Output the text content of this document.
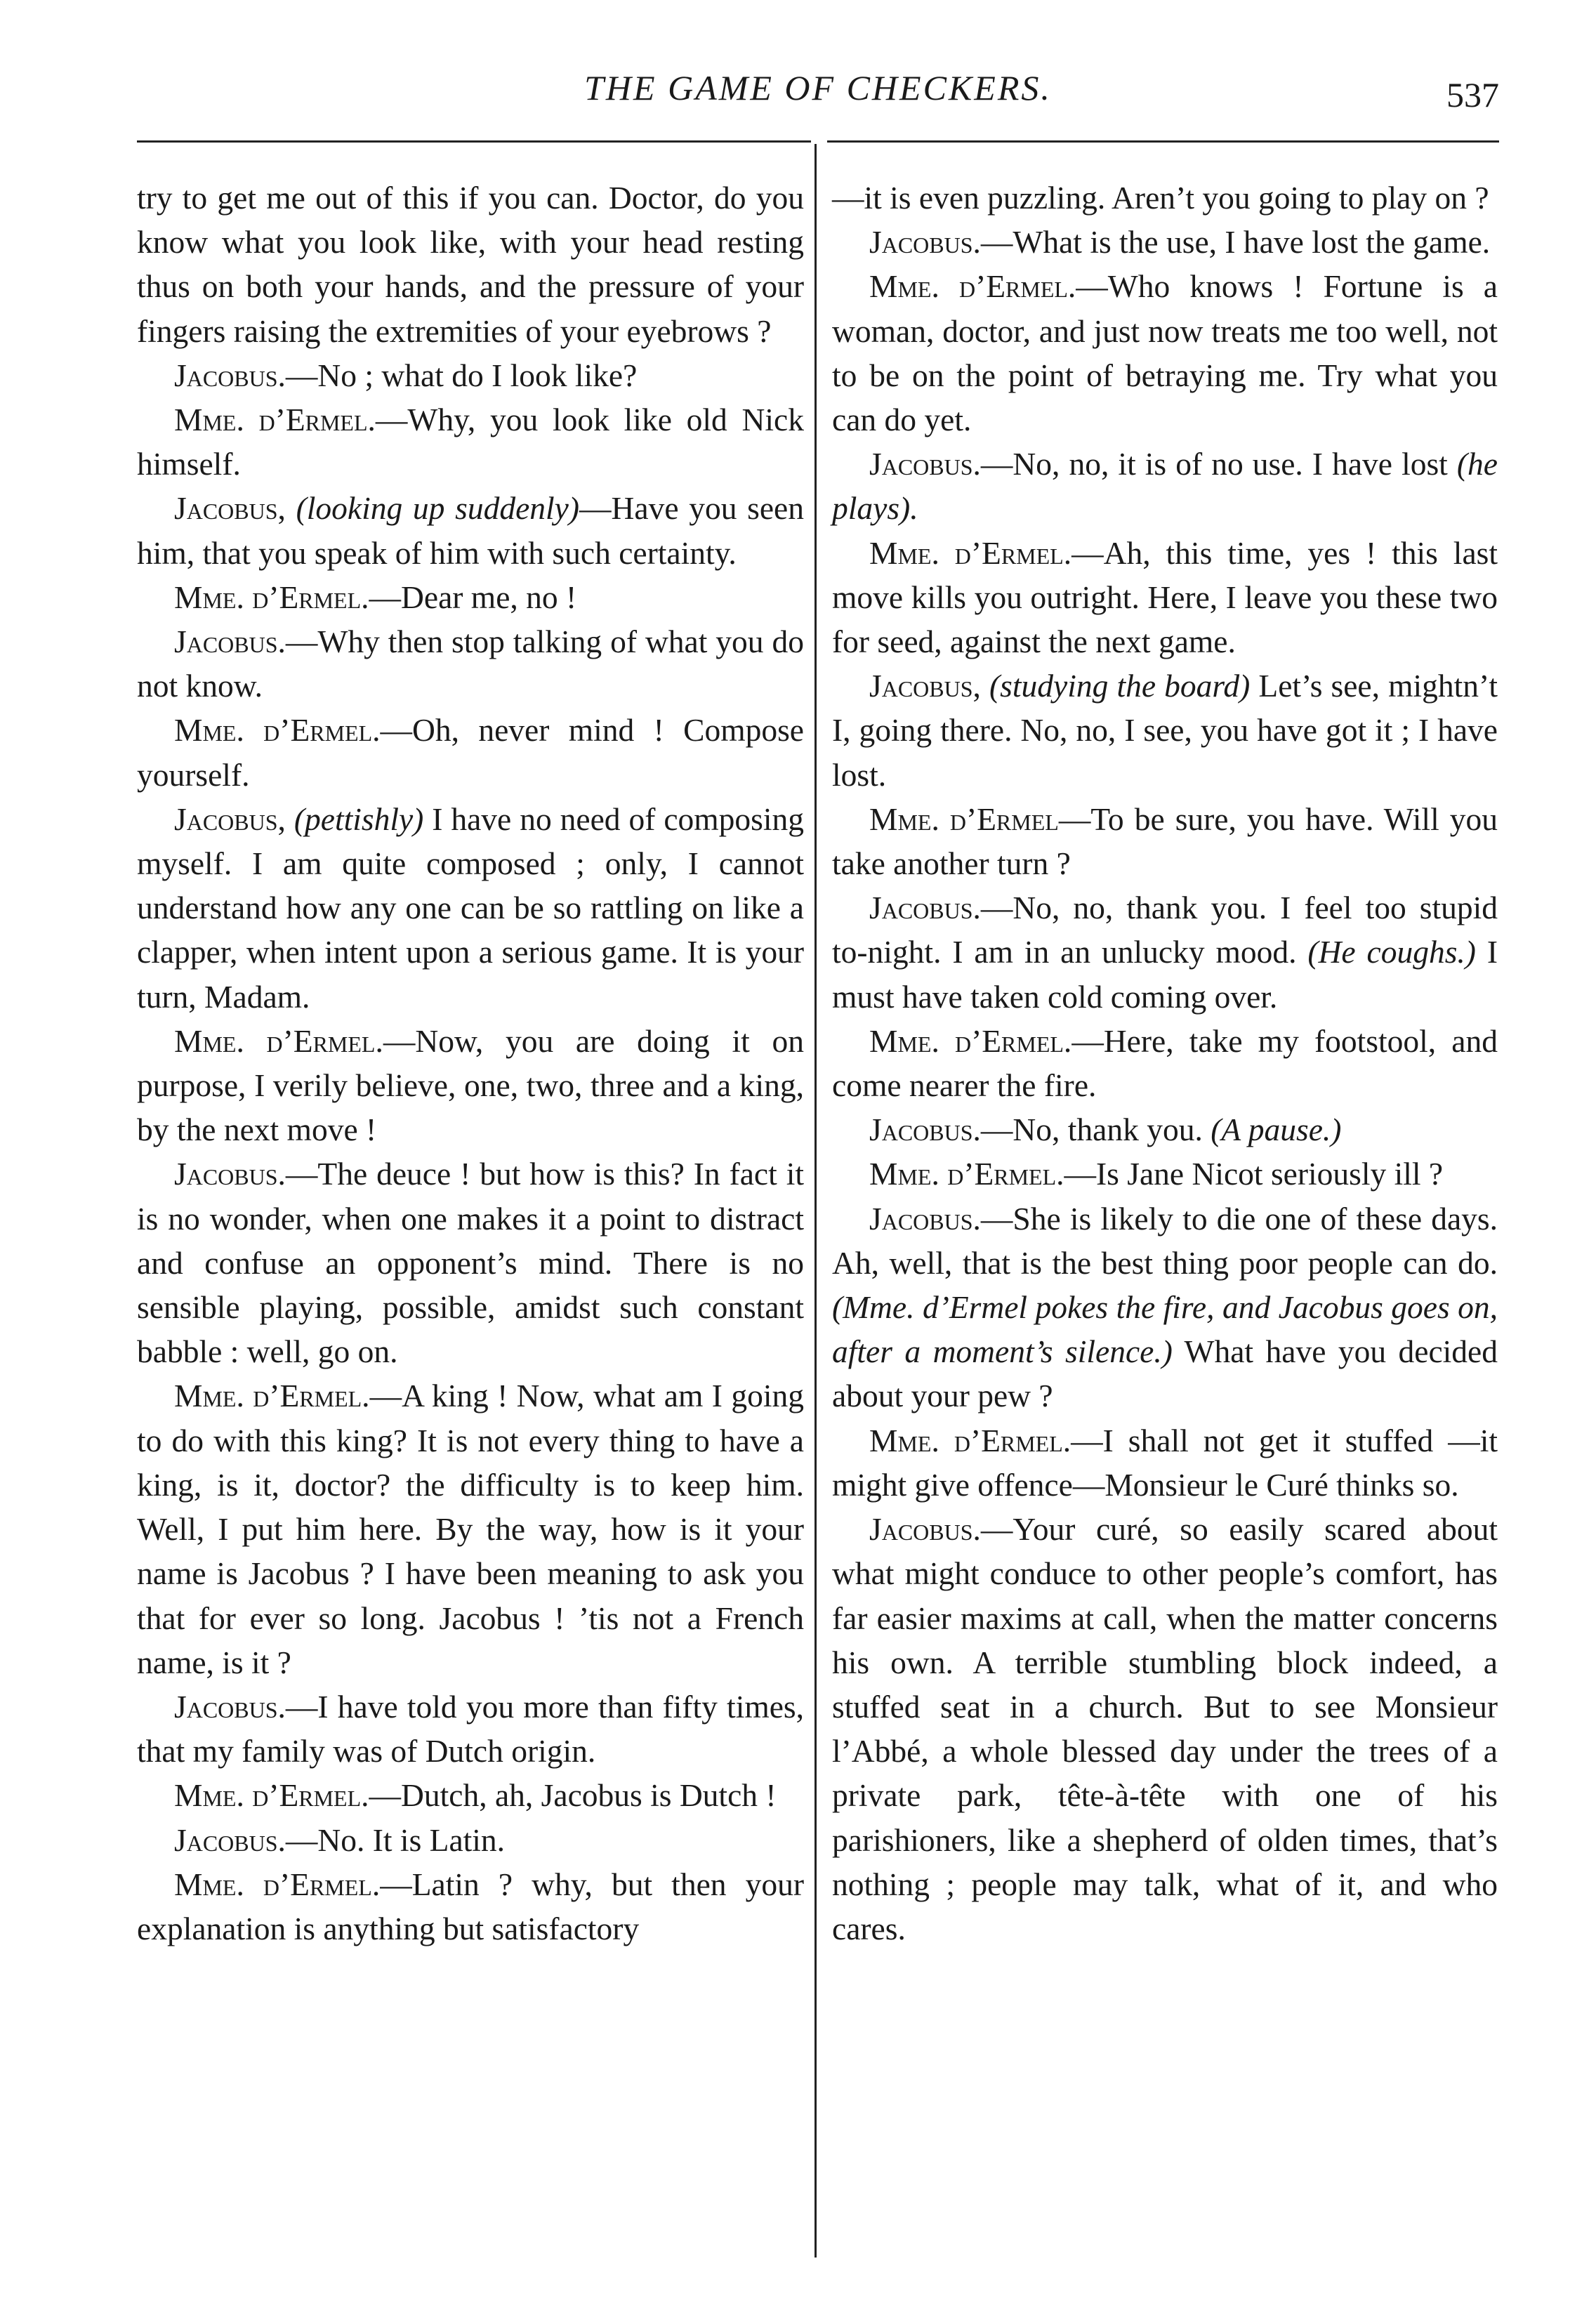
THE GAME OF CHECKERS.	537

try to get me out of this if you can. Doctor, do you know what you look like, with your head resting thus on both your hands, and the pressure of your fingers raising the extremities of your eyebrows ?

Jacobus.—No ; what do I look like?

Mme. d’Ermel.—Why, you look like old Nick himself.

Jacobus, (looking up suddenly)—Have you seen him, that you speak of him with such certainty.

Mme. d’Ermel.—Dear me, no !

Jacobus.—Why then stop talking of what you do not know.

Mme. d’Ermel.—Oh, never mind ! Compose yourself.

Jacobus, (pettishly) I have no need of composing myself. I am quite composed ; only, I cannot understand how any one can be so rattling on like a clapper, when intent upon a serious game. It is your turn, Madam.

Mme. d’Ermel.—Now, you are doing it on purpose, I verily believe, one, two, three and a king, by the next move !

Jacobus.—The deuce ! but how is this? In fact it is no wonder, when one makes it a point to distract and confuse an opponent’s mind. There is no sensible playing, possible, amidst such constant babble : well, go on.

Mme. d’Ermel.—A king ! Now, what am I going to do with this king? It is not every thing to have a king, is it, doctor? the difficulty is to keep him. Well, I put him here. By the way, how is it your name is Jacobus ? I have been meaning to ask you that for ever so long. Jacobus ! ’tis not a French name, is it ?

Jacobus.—I have told you more than fifty times, that my family was of Dutch origin.

Mme. d’Ermel.—Dutch, ah, Jacobus is Dutch !

Jacobus.—No. It is Latin.

Mme. d’Ermel.—Latin ? why, but then your explanation is anything but satisfactory

—it is even puzzling. Aren’t you going to play on ?

Jacobus.—What is the use, I have lost the game.

Mme. d’Ermel.—Who knows ! Fortune is a woman, doctor, and just now treats me too well, not to be on the point of betraying me. Try what you can do yet.

Jacobus.—No, no, it is of no use. I have lost (he plays).

Mme. d’Ermel.—Ah, this time, yes ! this last move kills you outright. Here, I leave you these two for seed, against the next game.

Jacobus, (studying the board) Let’s see, mightn’t I, going there. No, no, I see, you have got it ; I have lost.

Mme. d’Ermel—To be sure, you have. Will you take another turn ?

Jacobus.—No, no, thank you. I feel too stupid to-night. I am in an unlucky mood. (He coughs.) I must have taken cold coming over.

Mme. d’Ermel.—Here, take my footstool, and come nearer the fire.

Jacobus.—No, thank you. (A pause.)

Mme. d’Ermel.—Is Jane Nicot seriously ill ?

Jacobus.—She is likely to die one of these days. Ah, well, that is the best thing poor people can do. (Mme. d’Ermel pokes the fire, and Jacobus goes on, after a moment’s silence.) What have you decided about your pew ?

Mme. d’Ermel.—I shall not get it stuffed —it might give offence—Monsieur le Curé thinks so.

Jacobus.—Your curé, so easily scared about what might conduce to other people’s comfort, has far easier maxims at call, when the matter concerns his own. A terrible stumbling block indeed, a stuffed seat in a church. But to see Monsieur l’Abbé, a whole blessed day under the trees of a private park, tête-à-tête with one of his parishioners, like a shepherd of olden times, that’s nothing ; people may talk, what of it, and who cares.
